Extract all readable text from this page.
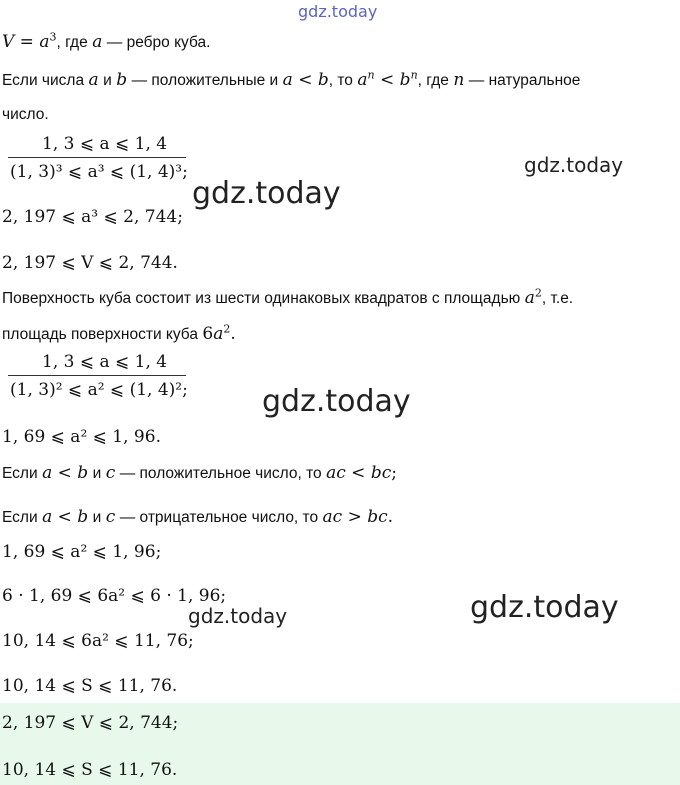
gdz.today
$V = a^3$, где a — ребро куба.
Если числа a и b — положительные и a < b, то $a^n < b^n$, где n — натуральное
число.
1, 3 ⩽ a ⩽ 1, 4
(1, 3)³ ⩽ a³ ⩽ (1, 4)³;	gdz.today
gdz.today
2, 197 ⩽ a³ ⩽ 2, 744;
2, 197 ⩽ V ⩽ 2, 744.
Поверхность куба состоит из шести одинаковых квадратов с площадью $a^2$, т.е.
площадь поверхности куба $6a^2$.
1, 3 ⩽ a ⩽ 1, 4
(1, 3)² ⩽ a² ⩽ (1, 4)²; gdz.today
1, 69 ⩽ a² ⩽ 1, 96.
Если a < b и c — положительное число, то ac < bc;
Если a < b и c — отрицательное число, то ac > bc.
1, 69 ⩽ a² ⩽ 1, 96;
6 · 1, 69 ⩽ 6a² ⩽ 6 · 1, 96;	gdz.today
gdz.today
10, 14 ⩽ 6a² ⩽ 11, 76;
10, 14 ⩽ S ⩽ 11, 76.
2, 197 ⩽ V ⩽ 2, 744;
10, 14 ⩽ S ⩽ 11, 76.
